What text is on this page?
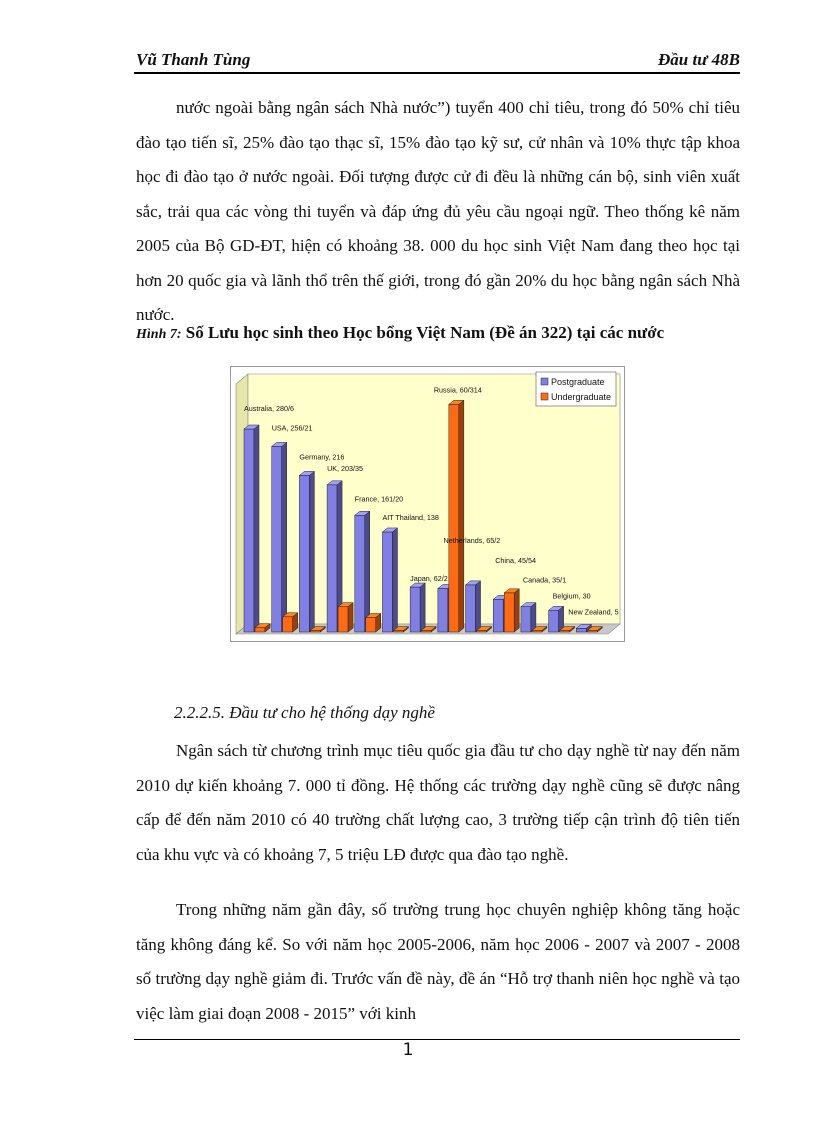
Vũ Thanh Tùng	Đầu tư 48B
nước ngoài bằng ngân sách Nhà nước”) tuyển 400 chỉ tiêu, trong đó 50% chỉ tiêu đào tạo tiến sĩ, 25% đào tạo thạc sĩ, 15% đào tạo kỹ sư, cử nhân và 10% thực tập khoa học đi đào tạo ở nước ngoài. Đối tượng được cử đi đều là những cán bộ, sinh viên xuất sắc, trải qua các vòng thi tuyển và đáp ứng đủ yêu cầu ngoại ngữ. Theo thống kê năm 2005 của Bộ GD-ĐT, hiện có khoảng 38. 000 du học sinh Việt Nam đang theo học tại hơn 20 quốc gia và lãnh thổ trên thế giới, trong đó gần 20% du học bằng ngân sách Nhà nước.
Hình 7: Số Lưu học sinh theo Học bổng Việt Nam (Đề án 322) tại các nước
Australia, 280/6
USA, 256/21
Germany, 216
UK, 203/35
France, 161/20
AIT Thailand, 138
Japan, 62/2
Russia, 60/314
Netherlands, 65/2
China, 45/54
Canada, 35/1
Belgium, 30
New Zealand, 5
Postgraduate
Undergraduate
2.2.2.5. Đầu tư cho hệ thống dạy nghề
Ngân sách từ chương trình mục tiêu quốc gia đầu tư cho dạy nghề từ nay đến năm 2010 dự kiến khoảng 7. 000 tỉ đồng. Hệ thống các trường dạy nghề cũng sẽ được nâng cấp để đến năm 2010 có 40 trường chất lượng cao, 3 trường tiếp cận trình độ tiên tiến của khu vực và có khoảng 7, 5 triệu LĐ được qua đào tạo nghề.
Trong những năm gần đây, số trường trung học chuyên nghiệp không tăng hoặc tăng không đáng kể. So với năm học 2005-2006, năm học 2006 - 2007 và 2007 - 2008 số trường dạy nghề giảm đi. Trước vấn đề này, đề án “Hỗ trợ thanh niên học nghề và tạo việc làm giai đoạn 2008 - 2015” với kinh
1
